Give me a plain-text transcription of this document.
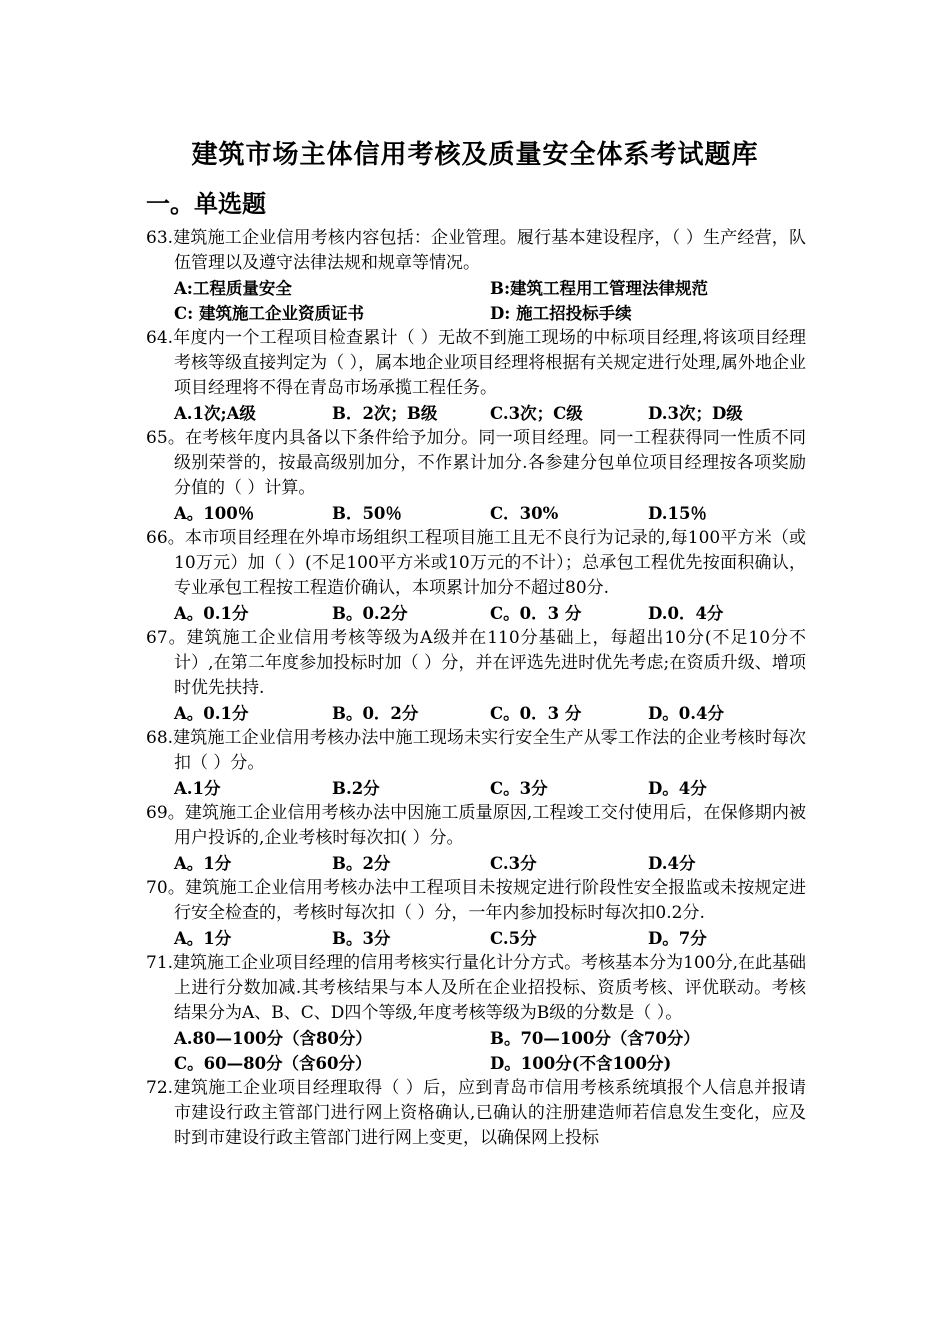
建筑市场主体信用考核及质量安全体系考试题库
一。单选题
63.建筑施工企业信用考核内容包括：企业管理。履行基本建设程序，（ ）生产经营，队伍管理以及遵守法律法规和规章等情况。
A:工程质量安全	B:建筑工程用工管理法律规范
C: 建筑施工企业资质证书	D: 施工招投标手续
64.年度内一个工程项目检查累计（ ）无故不到施工现场的中标项目经理,将该项目经理考核等级直接判定为（ ），属本地企业项目经理将根据有关规定进行处理,属外地企业项目经理将不得在青岛市场承揽工程任务。
A.1次;A级	B．2次；B级	C.3次；C级	D.3次；D级
65。在考核年度内具备以下条件给予加分。同一项目经理。同一工程获得同一性质不同级别荣誉的，按最高级别加分，不作累计加分.各参建分包单位项目经理按各项奖励分值的（ ）计算。
A。100％	B．50％	C．30%	D.15％
66。本市项目经理在外埠市场组织工程项目施工且无不良行为记录的,每100平方米（或10万元）加（ ）(不足100平方米或10万元的不计）；总承包工程优先按面积确认，专业承包工程按工程造价确认，本项累计加分不超过80分.
A。0.1分	B。0.2分	C。0．3 分	D.0．4分
67。建筑施工企业信用考核等级为A级并在110分基础上，每超出10分(不足10分不计）,在第二年度参加投标时加（ ）分，并在评选先进时优先考虑;在资质升级、增项时优先扶持.
A。0.1分	B。0．2分	C。0．3 分	D。0.4分
68.建筑施工企业信用考核办法中施工现场未实行安全生产从零工作法的企业考核时每次扣（ ）分。
A.1分	B.2分	C。3分	D。4分
69。建筑施工企业信用考核办法中因施工质量原因,工程竣工交付使用后，在保修期内被用户投诉的,企业考核时每次扣( ）分。
A。1分	B。2分	C.3分	D.4分
70。建筑施工企业信用考核办法中工程项目未按规定进行阶段性安全报监或未按规定进行安全检查的，考核时每次扣（ ）分，一年内参加投标时每次扣0.2分.
A。1分	B。3分	C.5分	D。7分
71.建筑施工企业项目经理的信用考核实行量化计分方式。考核基本分为100分,在此基础上进行分数加减.其考核结果与本人及所在企业招投标、资质考核、评优联动。考核结果分为A、B、C、D四个等级,年度考核等级为B级的分数是（ ）。
A.80—100分（含80分）	B。70—100分（含70分）
C。60—80分（含60分）	D。100分(不含100分)
72.建筑施工企业项目经理取得（ ）后，应到青岛市信用考核系统填报个人信息并报请市建设行政主管部门进行网上资格确认,已确认的注册建造师若信息发生变化，应及时到市建设行政主管部门进行网上变更，以确保网上投标
